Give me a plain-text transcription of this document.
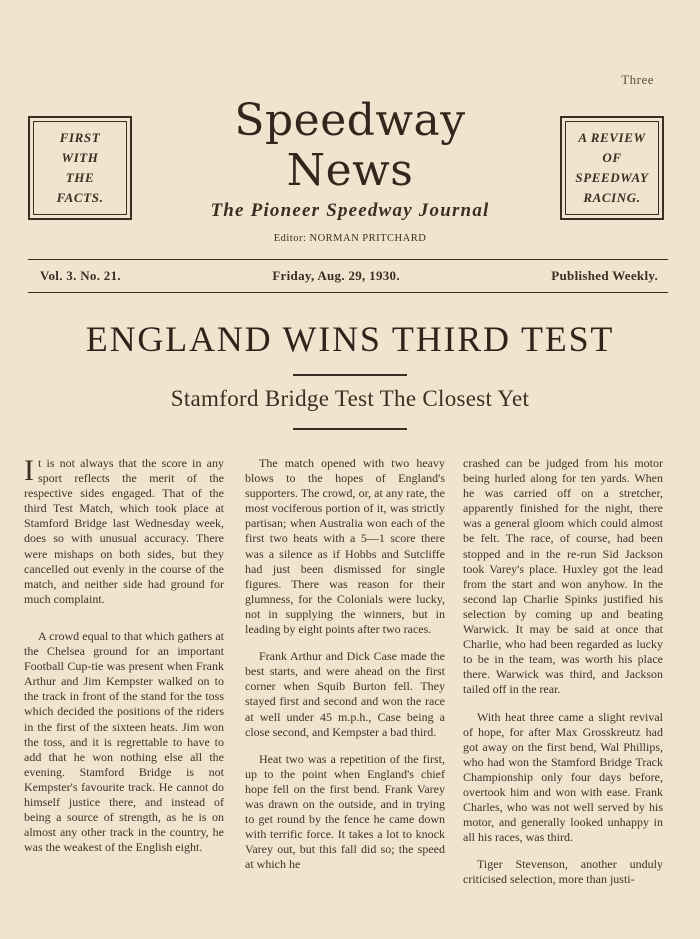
Three
FIRST
WITH
THE
FACTS.
A REVIEW
OF
SPEEDWAY
RACING.
Speedway
News
The Pioneer Speedway Journal
Editor: NORMAN PRITCHARD
Vol. 3. No. 21.	Friday, Aug. 29, 1930.	Published Weekly.
ENGLAND WINS THIRD TEST
Stamford Bridge Test The Closest Yet

It is not always that the score in any sport reflects the merit of the respective sides engaged. That of the third Test Match, which took place at Stamford Bridge last Wednesday week, does so with unusual accuracy. There were mishaps on both sides, but they cancelled out evenly in the course of the match, and neither side had ground for much complaint.

A crowd equal to that which gathers at the Chelsea ground for an important Football Cup-tie was present when Frank Arthur and Jim Kempster walked on to the track in front of the stand for the toss which decided the positions of the riders in the first of the sixteen heats. Jim won the toss, and it is regrettable to have to add that he won nothing else all the evening. Stamford Bridge is not Kempster's favourite track. He cannot do himself justice there, and instead of being a source of strength, as he is on almost any other track in the country, he was the weakest of the English eight.

The match opened with two heavy blows to the hopes of England's supporters. The crowd, or, at any rate, the most vociferous portion of it, was strictly partisan; when Australia won each of the first two heats with a 5—1 score there was a silence as if Hobbs and Sutcliffe had just been dismissed for single figures. There was reason for their glumness, for the Colonials were lucky, not in supplying the winners, but in leading by eight points after two races.

Frank Arthur and Dick Case made the best starts, and were ahead on the first corner when Squib Burton fell. They stayed first and second and won the race at well under 45 m.p.h., Case being a close second, and Kempster a bad third.

Heat two was a repetition of the first, up to the point when England's chief hope fell on the first bend. Frank Varey was drawn on the outside, and in trying to get round by the fence he came down with terrific force. It takes a lot to knock Varey out, but this fall did so; the speed at which he

crashed can be judged from his motor being hurled along for ten yards. When he was carried off on a stretcher, apparently finished for the night, there was a general gloom which could almost be felt. The race, of course, had been stopped and in the re-run Sid Jackson took Varey's place. Huxley got the lead from the start and won anyhow. In the second lap Charlie Spinks justified his selection by coming up and beating Warwick. It may be said at once that Charlie, who had been regarded as lucky to be in the team, was worth his place there. Warwick was third, and Jackson tailed off in the rear.

With heat three came a slight revival of hope, for after Max Grosskreutz had got away on the first bend, Wal Phillips, who had won the Stamford Bridge Track Championship only four days before, overtook him and won with ease. Frank Charles, who was not well served by his motor, and generally looked unhappy in all his races, was third.

Tiger Stevenson, another unduly criticised selection, more than justi-
